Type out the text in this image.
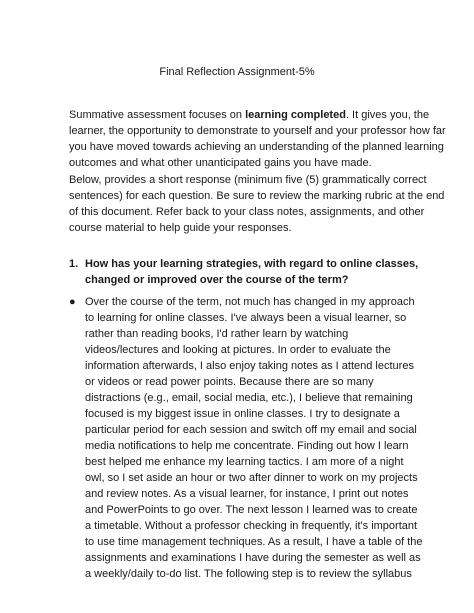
Final Reflection Assignment-5%
Summative assessment focuses on learning completed. It gives you, the
learner, the opportunity to demonstrate to yourself and your professor how far
you have moved towards achieving an understanding of the planned learning
outcomes and what other unanticipated gains you have made.
Below, provides a short response (minimum five (5) grammatically correct
sentences) for each question. Be sure to review the marking rubric at the end
of this document. Refer back to your class notes, assignments, and other
course material to help guide your responses.
1. How has your learning strategies, with regard to online classes,
changed or improved over the course of the term?
● Over the course of the term, not much has changed in my approach
to learning for online classes. I've always been a visual learner, so
rather than reading books, I'd rather learn by watching
videos/lectures and looking at pictures. In order to evaluate the
information afterwards, I also enjoy taking notes as I attend lectures
or videos or read power points. Because there are so many
distractions (e.g., email, social media, etc.), I believe that remaining
focused is my biggest issue in online classes. I try to designate a
particular period for each session and switch off my email and social
media notifications to help me concentrate. Finding out how I learn
best helped me enhance my learning tactics. I am more of a night
owl, so I set aside an hour or two after dinner to work on my projects
and review notes. As a visual learner, for instance, I print out notes
and PowerPoints to go over. The next lesson I learned was to create
a timetable. Without a professor checking in frequently, it's important
to use time management techniques. As a result, I have a table of the
assignments and examinations I have during the semester as well as
a weekly/daily to-do list. The following step is to review the syllabus
